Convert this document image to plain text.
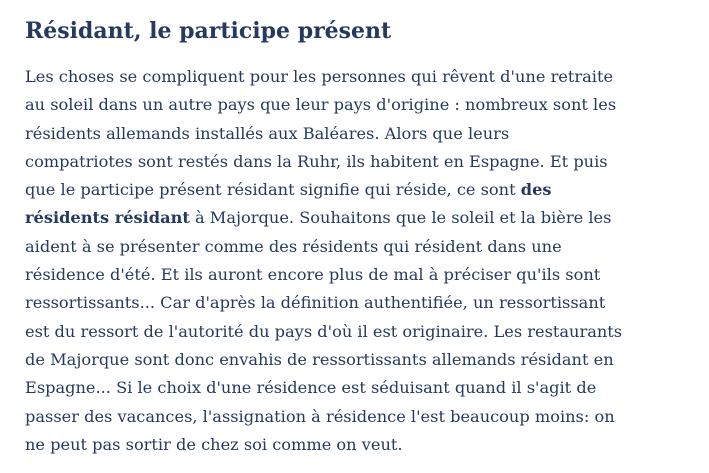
Résidant, le participe présent

Les choses se compliquent pour les personnes qui rêvent d'une retraite
au soleil dans un autre pays que leur pays d'origine : nombreux sont les
résidents allemands installés aux Baléares. Alors que leurs
compatriotes sont restés dans la Ruhr, ils habitent en Espagne. Et puis
que le participe présent résidant signifie qui réside, ce sont des
résidents résidant à Majorque. Souhaitons que le soleil et la bière les
aident à se présenter comme des résidents qui résident dans une
résidence d'été. Et ils auront encore plus de mal à préciser qu'ils sont
ressortissants... Car d'après la définition authentifiée, un ressortissant
est du ressort de l'autorité du pays d'où il est originaire. Les restaurants
de Majorque sont donc envahis de ressortissants allemands résidant en
Espagne... Si le choix d'une résidence est séduisant quand il s'agit de
passer des vacances, l'assignation à résidence l'est beaucoup moins: on
ne peut pas sortir de chez soi comme on veut.
